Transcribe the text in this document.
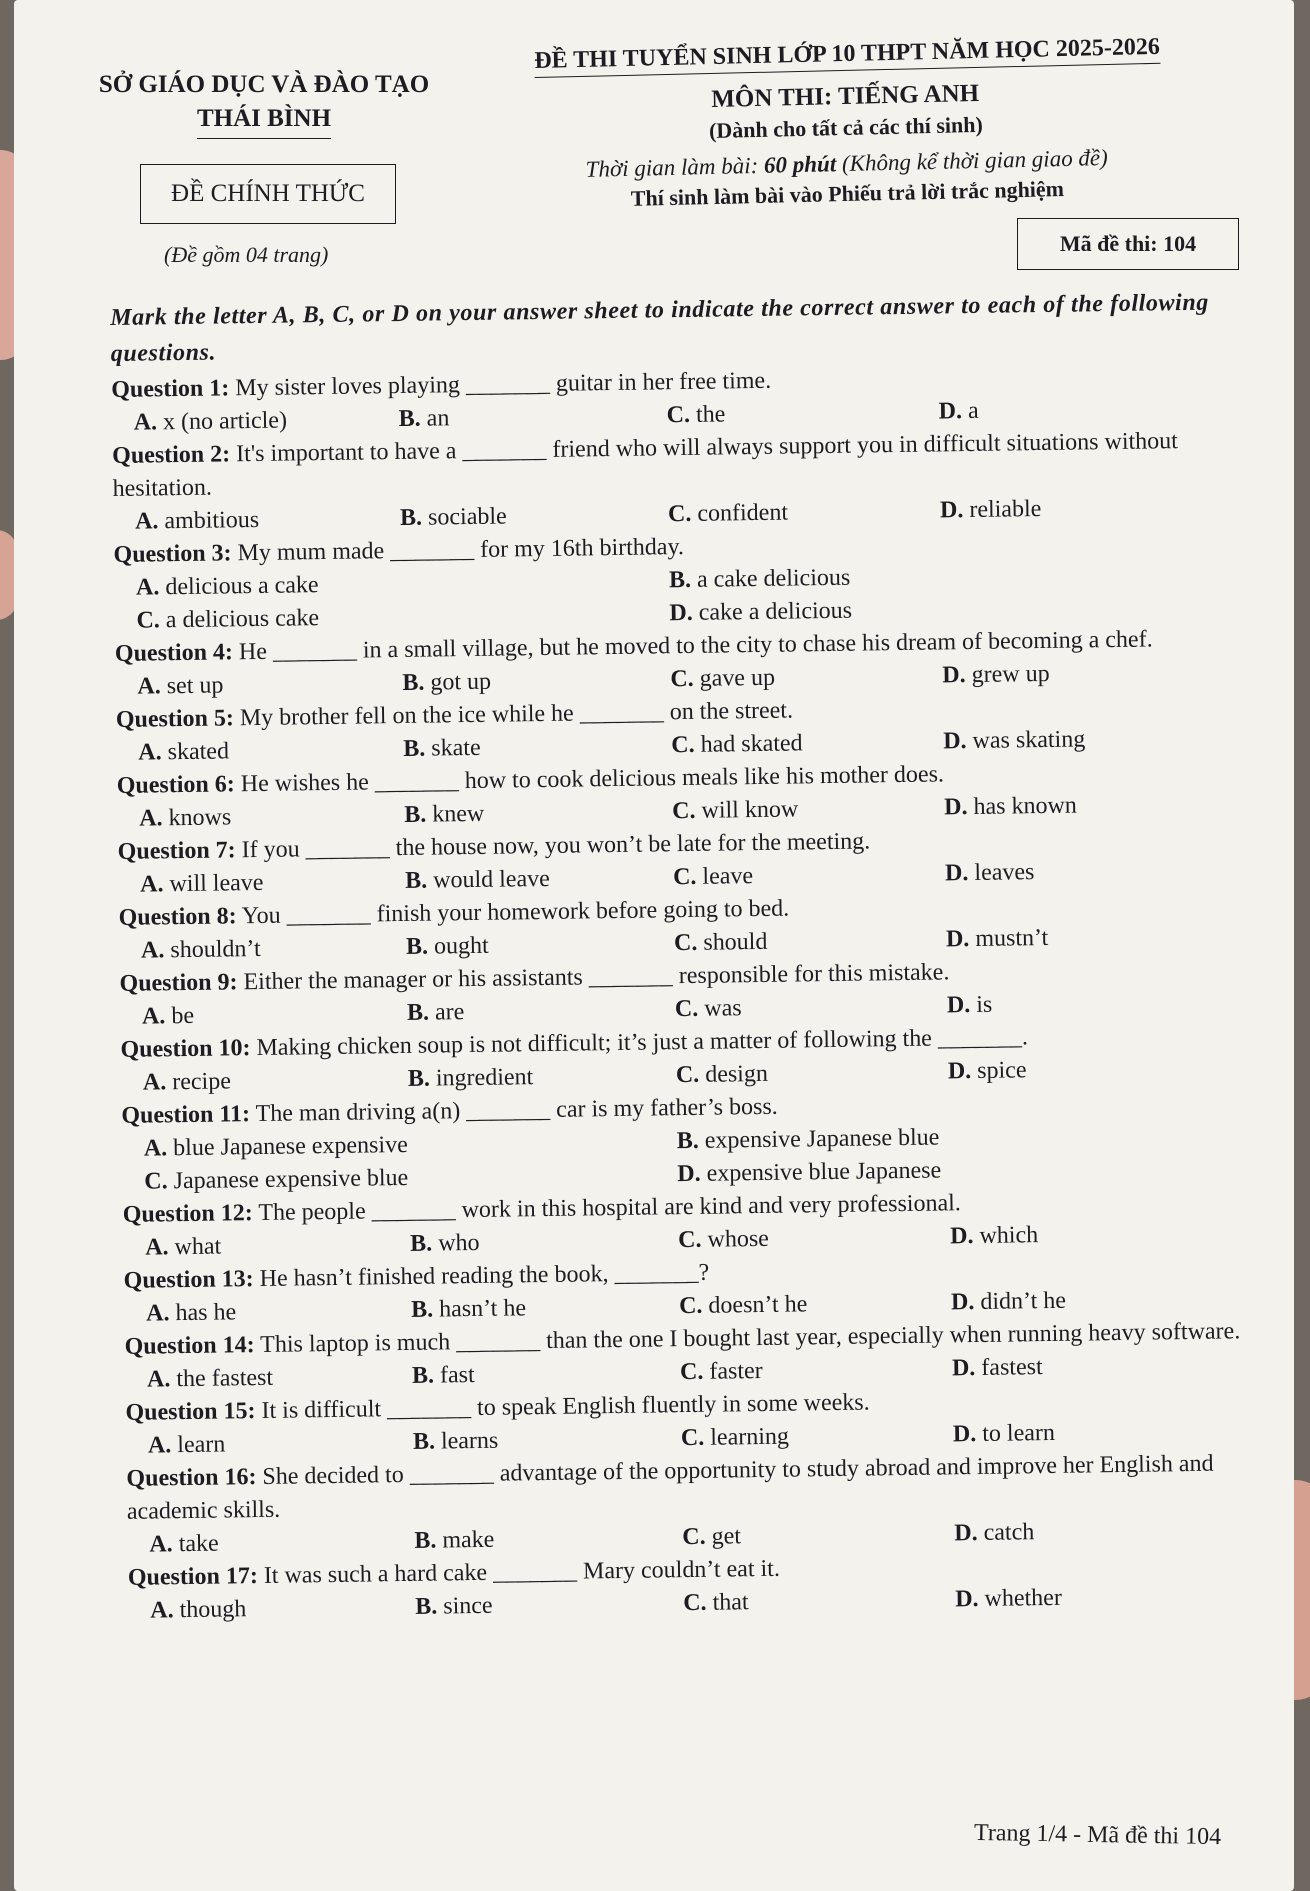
SỞ GIÁO DỤC VÀ ĐÀO TẠO
THÁI BÌNH
ĐỀ CHÍNH THỨC
(Đề gồm 04 trang)
ĐỀ THI TUYỂN SINH LỚP 10 THPT NĂM HỌC 2025-2026
MÔN THI: TIẾNG ANH
(Dành cho tất cả các thí sinh)
Thời gian làm bài: 60 phút (Không kể thời gian giao đề)
Thí sinh làm bài vào Phiếu trả lời trắc nghiệm
Mã đề thi: 104
Mark the letter A, B, C, or D on your answer sheet to indicate the correct answer to each of the following questions.
Question 1: My sister loves playing _______ guitar in her free time.
A. x (no article)	B. an	C. the	D. a
Question 2: It's important to have a _______ friend who will always support you in difficult situations without hesitation.
A. ambitious	B. sociable	C. confident	D. reliable
Question 3: My mum made _______ for my 16th birthday.
A. delicious a cake	B. a cake delicious
C. a delicious cake	D. cake a delicious
Question 4: He _______ in a small village, but he moved to the city to chase his dream of becoming a chef.
A. set up	B. got up	C. gave up	D. grew up
Question 5: My brother fell on the ice while he _______ on the street.
A. skated	B. skate	C. had skated	D. was skating
Question 6: He wishes he _______ how to cook delicious meals like his mother does.
A. knows	B. knew	C. will know	D. has known
Question 7: If you _______ the house now, you won’t be late for the meeting.
A. will leave	B. would leave	C. leave	D. leaves
Question 8: You _______ finish your homework before going to bed.
A. shouldn’t	B. ought	C. should	D. mustn’t
Question 9: Either the manager or his assistants _______ responsible for this mistake.
A. be	B. are	C. was	D. is
Question 10: Making chicken soup is not difficult; it’s just a matter of following the _______.
A. recipe	B. ingredient	C. design	D. spice
Question 11: The man driving a(n) _______ car is my father’s boss.
A. blue Japanese expensive	B. expensive Japanese blue
C. Japanese expensive blue	D. expensive blue Japanese
Question 12: The people _______ work in this hospital are kind and very professional.
A. what	B. who	C. whose	D. which
Question 13: He hasn’t finished reading the book, _______?
A. has he	B. hasn’t he	C. doesn’t he	D. didn’t he
Question 14: This laptop is much _______ than the one I bought last year, especially when running heavy software.
A. the fastest	B. fast	C. faster	D. fastest
Question 15: It is difficult _______ to speak English fluently in some weeks.
A. learn	B. learns	C. learning	D. to learn
Question 16: She decided to _______ advantage of the opportunity to study abroad and improve her English and academic skills.
A. take	B. make	C. get	D. catch
Question 17: It was such a hard cake _______ Mary couldn’t eat it.
A. though	B. since	C. that	D. whether
Trang 1/4 - Mã đề thi 104
